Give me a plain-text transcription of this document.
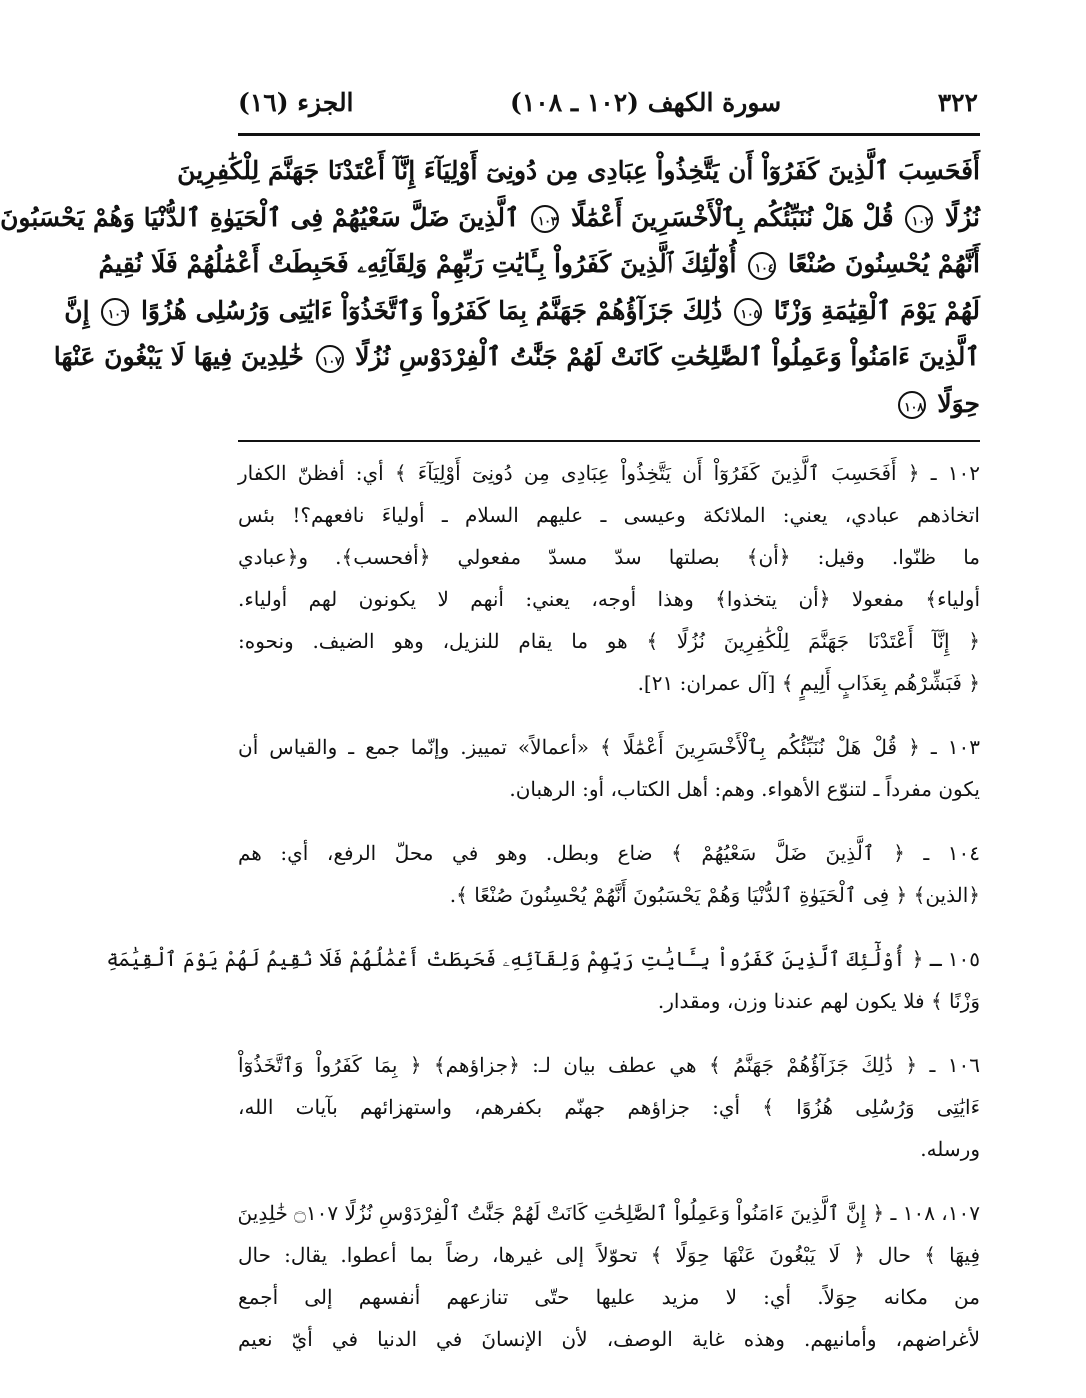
٣٢٢
سورة الكهف (١٠٢ ـ ١٠٨)
الجزء (١٦)
أَفَحَسِبَ ٱلَّذِينَ كَفَرُوٓاْ أَن يَتَّخِذُواْ عِبَادِى مِن دُونِىٓ أَوْلِيَآءَ إِنَّآ أَعْتَدْنَا جَهَنَّمَ لِلْكَٰفِرِينَ
نُزُلًا ١٠٢ قُلْ هَلْ نُنَبِّئُكُم بِٱلْأَخْسَرِينَ أَعْمَٰلًا ١٠٣ ٱلَّذِينَ ضَلَّ سَعْيُهُمْ فِى ٱلْحَيَوٰةِ ٱلدُّنْيَا وَهُمْ يَحْسَبُونَ
أَنَّهُمْ يُحْسِنُونَ صُنْعًا ١٠٤ أُوْلَٰٓئِكَ ٱلَّذِينَ كَفَرُواْ بِـَٔايَٰتِ رَبِّهِمْ وَلِقَآئِهِۦ فَحَبِطَتْ أَعْمَٰلُهُمْ فَلَا نُقِيمُ
لَهُمْ يَوْمَ ٱلْقِيَٰمَةِ وَزْنًا ١٠٥ ذَٰلِكَ جَزَآؤُهُمْ جَهَنَّمُ بِمَا كَفَرُواْ وَٱتَّخَذُوٓاْ ءَايَٰتِى وَرُسُلِى هُزُوًا ١٠٦ إِنَّ
ٱلَّذِينَ ءَامَنُواْ وَعَمِلُواْ ٱلصَّٰلِحَٰتِ كَانَتْ لَهُمْ جَنَّٰتُ ٱلْفِرْدَوْسِ نُزُلًا ١٠٧ خَٰلِدِينَ فِيهَا لَا يَبْغُونَ عَنْهَا
حِوَلًا ١٠٨
١٠٢ ـ ﴿ أَفَحَسِبَ ٱلَّذِينَ كَفَرُوٓاْ أَن يَتَّخِذُواْ عِبَادِى مِن دُونِىٓ أَوْلِيَآءَ ﴾ أي: أفظنّ الكفار
اتخاذهم عبادي، يعني: الملائكة وعيسى ـ عليهم السلام ـ أولياءَ نافعهم؟! بئس
ما ظنّوا. وقيل: ﴿أن﴾ بصلتها سدّ مسدّ مفعولي ﴿أفحسب﴾. و﴿عبادي
أولياء﴾ مفعولا ﴿أن يتخذوا﴾ وهذا أوجه، يعني: أنهم لا يكونون لهم أولياء.
﴿ إِنَّآ أَعْتَدْنَا جَهَنَّمَ لِلْكَٰفِرِينَ نُزُلًا ﴾ هو ما يقام للنزيل، وهو الضيف. ونحوه:
﴿ فَبَشِّرْهُم بِعَذَابٍ أَلِيمٍ ﴾ [آل عمران: ٢١].
١٠٣ ـ ﴿ قُلْ هَلْ نُنَبِّئُكُم بِٱلْأَخْسَرِينَ أَعْمَٰلًا ﴾ «أعمالاً» تمييز. وإنّما جمع ـ والقياس أن
يكون مفرداً ـ لتنوّع الأهواء. وهم: أهل الكتاب، أو: الرهبان.
١٠٤ ـ ﴿ ٱلَّذِينَ ضَلَّ سَعْيُهُمْ ﴾ ضاع وبطل. وهو في محلّ الرفع، أي: هم
﴿الذين﴾ ﴿ فِى ٱلْحَيَوٰةِ ٱلدُّنْيَا وَهُمْ يَحْسَبُونَ أَنَّهُمْ يُحْسِنُونَ صُنْعًا ﴾.
١٠٥ ـ ﴿ أُوْلَٰٓئِكَ ٱلَّذِينَ كَفَرُواْ بِـَٔايَٰتِ رَبِّهِمْ وَلِقَآئِهِۦ فَحَبِطَتْ أَعْمَٰلُهُمْ فَلَا نُقِيمُ لَهُمْ يَوْمَ ٱلْقِيَٰمَةِ
وَزْنًا ﴾ فلا يكون لهم عندنا وزن، ومقدار.
١٠٦ ـ ﴿ ذَٰلِكَ جَزَآؤُهُمْ جَهَنَّمُ ﴾ هي عطف بيان لـ: ﴿جزاؤهم﴾ ﴿ بِمَا كَفَرُواْ وَٱتَّخَذُوٓاْ
ءَايَٰتِى وَرُسُلِى هُزُوًا ﴾ أي: جزاؤهم جهنّم بكفرهم، واستهزائهم بآيات الله،
ورسله.
١٠٧، ١٠٨ ـ ﴿ إِنَّ ٱلَّذِينَ ءَامَنُواْ وَعَمِلُواْ ٱلصَّٰلِحَٰتِ كَانَتْ لَهُمْ جَنَّٰتُ ٱلْفِرْدَوْسِ نُزُلًا ۝١٠٧ خَٰلِدِينَ
فِيهَا ﴾ حال ﴿ لَا يَبْغُونَ عَنْهَا حِوَلًا ﴾ تحوّلاً إلى غيرها، رضاً بما أعطوا. يقال: حال
من مكانه حِوَلاً. أي: لا مزيد عليها حتّى تنازعهم أنفسهم إلى أجمع
لأغراضهم، وأمانيهم. وهذه غاية الوصف، لأن الإنسانَ في الدنيا في أيّ نعيم
